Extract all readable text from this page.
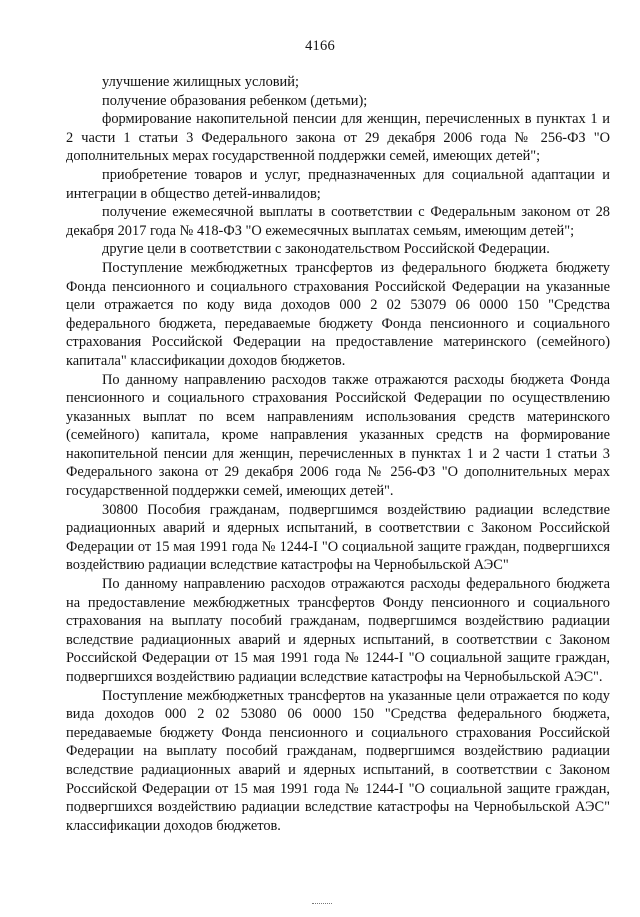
4166

улучшение жилищных условий;

получение образования ребенком (детьми);

формирование накопительной пенсии для женщин, перечисленных в пунктах 1 и 2 части 1 статьи 3 Федерального закона от 29 декабря 2006 года № 256-ФЗ "О дополнительных мерах государственной поддержки семей, имеющих детей";

приобретение товаров и услуг, предназначенных для социальной адаптации и интеграции в общество детей-инвалидов;

получение ежемесячной выплаты в соответствии с Федеральным законом от 28 декабря 2017 года № 418-ФЗ "О ежемесячных выплатах семьям, имеющим детей";

другие цели в соответствии с законодательством Российской Федерации.

Поступление межбюджетных трансфертов из федерального бюджета бюджету Фонда пенсионного и социального страхования Российской Федерации на указанные цели отражается по коду вида доходов 000 2 02 53079 06 0000 150 "Средства федерального бюджета, передаваемые бюджету Фонда пенсионного и социального страхования Российской Федерации на предоставление материнского (семейного) капитала" классификации доходов бюджетов.

По данному направлению расходов также отражаются расходы бюджета Фонда пенсионного и социального страхования Российской Федерации по осуществлению указанных выплат по всем направлениям использования средств материнского (семейного) капитала, кроме направления указанных средств на формирование накопительной пенсии для женщин, перечисленных в пунктах 1 и 2 части 1 статьи 3 Федерального закона от 29 декабря 2006 года № 256-ФЗ "О дополнительных мерах государственной поддержки семей, имеющих детей".

30800 Пособия гражданам, подвергшимся воздействию радиации вследствие радиационных аварий и ядерных испытаний, в соответствии с Законом Российской Федерации от 15 мая 1991 года № 1244-I "О социальной защите граждан, подвергшихся воздействию радиации вследствие катастрофы на Чернобыльской АЭС"

По данному направлению расходов отражаются расходы федерального бюджета на предоставление межбюджетных трансфертов Фонду пенсионного и социального страхования на выплату пособий гражданам, подвергшимся воздействию радиации вследствие радиационных аварий и ядерных испытаний, в соответствии с Законом Российской Федерации от 15 мая 1991 года № 1244-I "О социальной защите граждан, подвергшихся воздействию радиации вследствие катастрофы на Чернобыльской АЭС".

Поступление межбюджетных трансфертов на указанные цели отражается по коду вида доходов 000 2 02 53080 06 0000 150 "Средства федерального бюджета, передаваемые бюджету Фонда пенсионного и социального страхования Российской Федерации на выплату пособий гражданам, подвергшимся воздействию радиации вследствие радиационных аварий и ядерных испытаний, в соответствии с Законом Российской Федерации от 15 мая 1991 года № 1244-I "О социальной защите граждан, подвергшихся воздействию радиации вследствие катастрофы на Чернобыльской АЭС" классификации доходов бюджетов.
